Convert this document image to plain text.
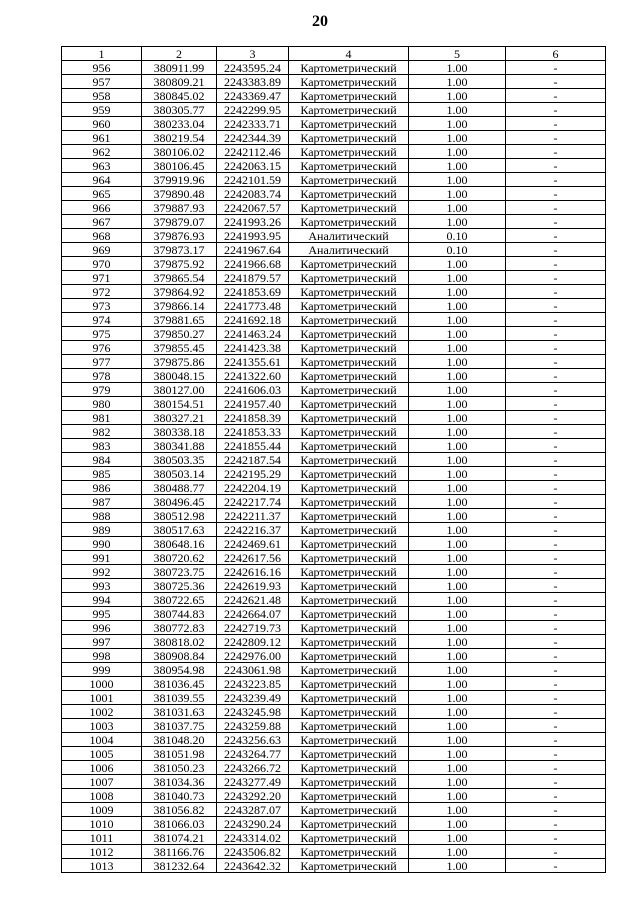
20
1	2	3	4	5	6
956	380911.99	2243595.24	Картометрический	1.00	-
957	380809.21	2243383.89	Картометрический	1.00	-
958	380845.02	2243369.47	Картометрический	1.00	-
959	380305.77	2242299.95	Картометрический	1.00	-
960	380233.04	2242333.71	Картометрический	1.00	-
961	380219.54	2242344.39	Картометрический	1.00	-
962	380106.02	2242112.46	Картометрический	1.00	-
963	380106.45	2242063.15	Картометрический	1.00	-
964	379919.96	2242101.59	Картометрический	1.00	-
965	379890.48	2242083.74	Картометрический	1.00	-
966	379887.93	2242067.57	Картометрический	1.00	-
967	379879.07	2241993.26	Картометрический	1.00	-
968	379876.93	2241993.95	Аналитический	0.10	-
969	379873.17	2241967.64	Аналитический	0.10	-
970	379875.92	2241966.68	Картометрический	1.00	-
971	379865.54	2241879.57	Картометрический	1.00	-
972	379864.92	2241853.69	Картометрический	1.00	-
973	379866.14	2241773.48	Картометрический	1.00	-
974	379881.65	2241692.18	Картометрический	1.00	-
975	379850.27	2241463.24	Картометрический	1.00	-
976	379855.45	2241423.38	Картометрический	1.00	-
977	379875.86	2241355.61	Картометрический	1.00	-
978	380048.15	2241322.60	Картометрический	1.00	-
979	380127.00	2241606.03	Картометрический	1.00	-
980	380154.51	2241957.40	Картометрический	1.00	-
981	380327.21	2241858.39	Картометрический	1.00	-
982	380338.18	2241853.33	Картометрический	1.00	-
983	380341.88	2241855.44	Картометрический	1.00	-
984	380503.35	2242187.54	Картометрический	1.00	-
985	380503.14	2242195.29	Картометрический	1.00	-
986	380488.77	2242204.19	Картометрический	1.00	-
987	380496.45	2242217.74	Картометрический	1.00	-
988	380512.98	2242211.37	Картометрический	1.00	-
989	380517.63	2242216.37	Картометрический	1.00	-
990	380648.16	2242469.61	Картометрический	1.00	-
991	380720.62	2242617.56	Картометрический	1.00	-
992	380723.75	2242616.16	Картометрический	1.00	-
993	380725.36	2242619.93	Картометрический	1.00	-
994	380722.65	2242621.48	Картометрический	1.00	-
995	380744.83	2242664.07	Картометрический	1.00	-
996	380772.83	2242719.73	Картометрический	1.00	-
997	380818.02	2242809.12	Картометрический	1.00	-
998	380908.84	2242976.00	Картометрический	1.00	-
999	380954.98	2243061.98	Картометрический	1.00	-
1000	381036.45	2243223.85	Картометрический	1.00	-
1001	381039.55	2243239.49	Картометрический	1.00	-
1002	381031.63	2243245.98	Картометрический	1.00	-
1003	381037.75	2243259.88	Картометрический	1.00	-
1004	381048.20	2243256.63	Картометрический	1.00	-
1005	381051.98	2243264.77	Картометрический	1.00	-
1006	381050.23	2243266.72	Картометрический	1.00	-
1007	381034.36	2243277.49	Картометрический	1.00	-
1008	381040.73	2243292.20	Картометрический	1.00	-
1009	381056.82	2243287.07	Картометрический	1.00	-
1010	381066.03	2243290.24	Картометрический	1.00	-
1011	381074.21	2243314.02	Картометрический	1.00	-
1012	381166.76	2243506.82	Картометрический	1.00	-
1013	381232.64	2243642.32	Картометрический	1.00	-
